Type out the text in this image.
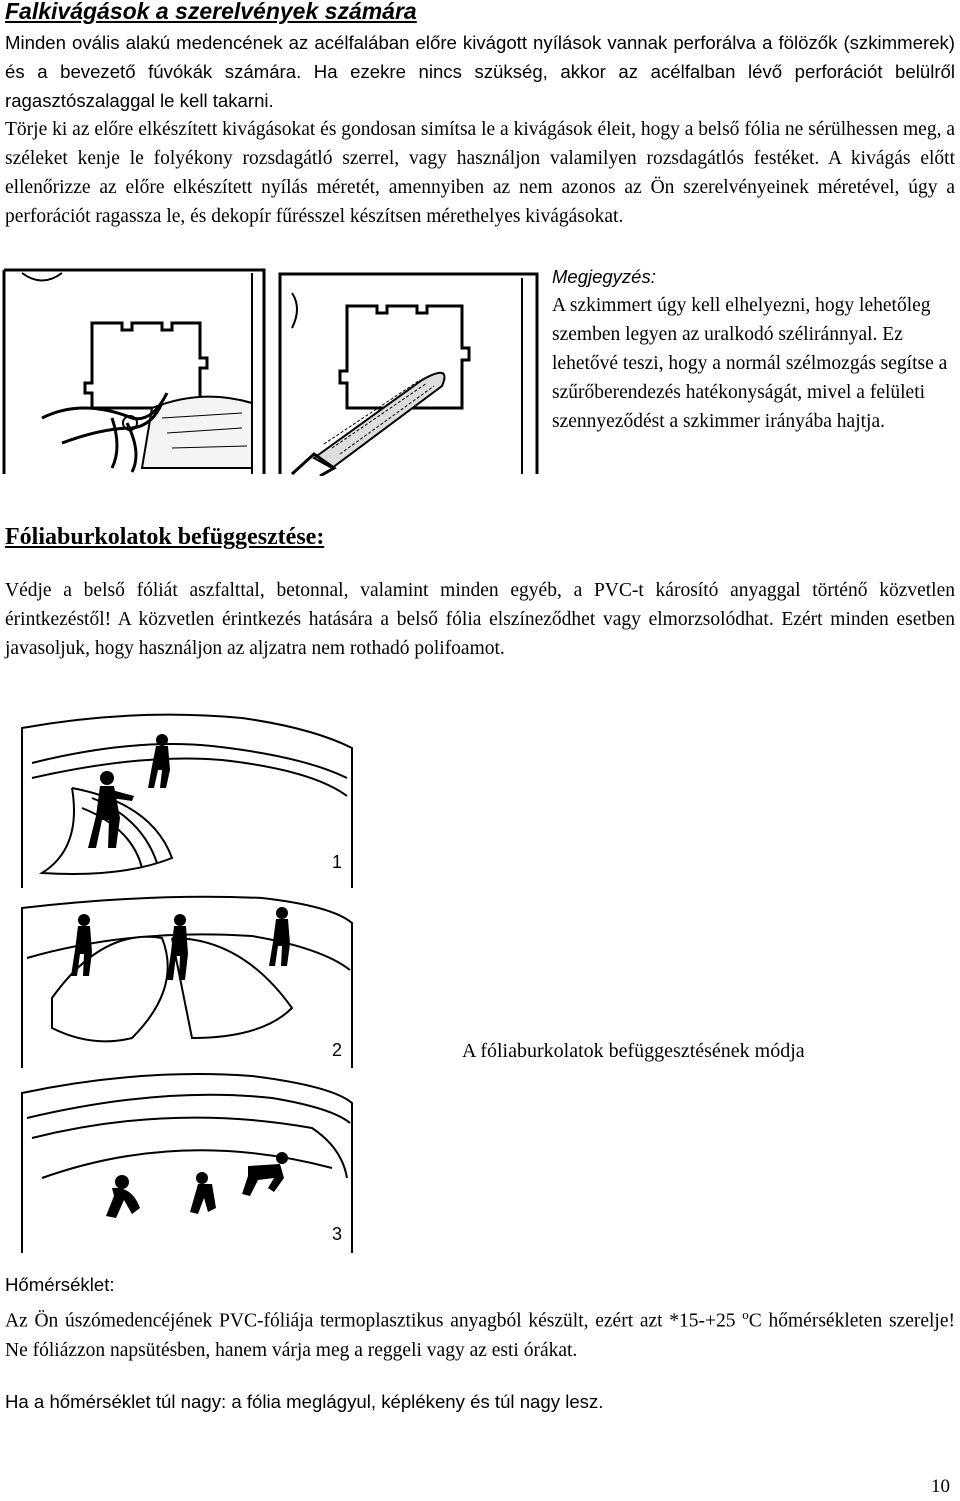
Falkivágások a szerelvények számára

Minden ovális alakú medencének az acélfalában előre kivágott nyílások vannak perforálva a fölözők (szkimmerek) és a bevezető fúvókák számára. Ha ezekre nincs szükség, akkor az acélfalban lévő perforációt belülről ragasztószalaggal le kell takarni.

Törje ki az előre elkészített kivágásokat és gondosan simítsa le a kivágások éleit, hogy a belső fólia ne sérülhessen meg, a széleket kenje le folyékony rozsdagátló szerrel, vagy használjon valamilyen rozsdagátlós festéket. A kivágás előtt ellenőrizze az előre elkészített nyílás méretét, amennyiben az nem azonos az Ön szerelvényeinek méretével, úgy a perforációt ragassza le, és dekopír fűrésszel készítsen mérethelyes kivágásokat.

Megjegyzés:
A szkimmert úgy kell elhelyezni, hogy lehetőleg szemben legyen az uralkodó széliránnyal. Ez lehetővé teszi, hogy a normál szélmozgás segítse a szűrőberendezés hatékonyságát, mivel a felületi szennyeződést a szkimmer irányába hajtja.
Fóliaburkolatok befüggesztése:

Védje a belső fóliát aszfalttal, betonnal, valamint minden egyéb, a PVC-t károsító anyaggal történő közvetlen érintkezéstől! A közvetlen érintkezés hatására a belső fólia elszíneződhet vagy elmorzsolódhat. Ezért minden esetben javasoljuk, hogy használjon az aljzatra nem rothadó polifoamot.

1
2
3
A fóliaburkolatok befüggesztésének módja
Hőmérséklet:

Az Ön úszómedencéjének PVC-fóliája termoplasztikus anyagból készült, ezért azt *15-+25 $^o$C hőmérsékleten szerelje! Ne fóliázzon napsütésben, hanem várja meg a reggeli vagy az esti órákat.

Ha a hőmérséklet túl nagy: a fólia meglágyul, képlékeny és túl nagy lesz.
10
